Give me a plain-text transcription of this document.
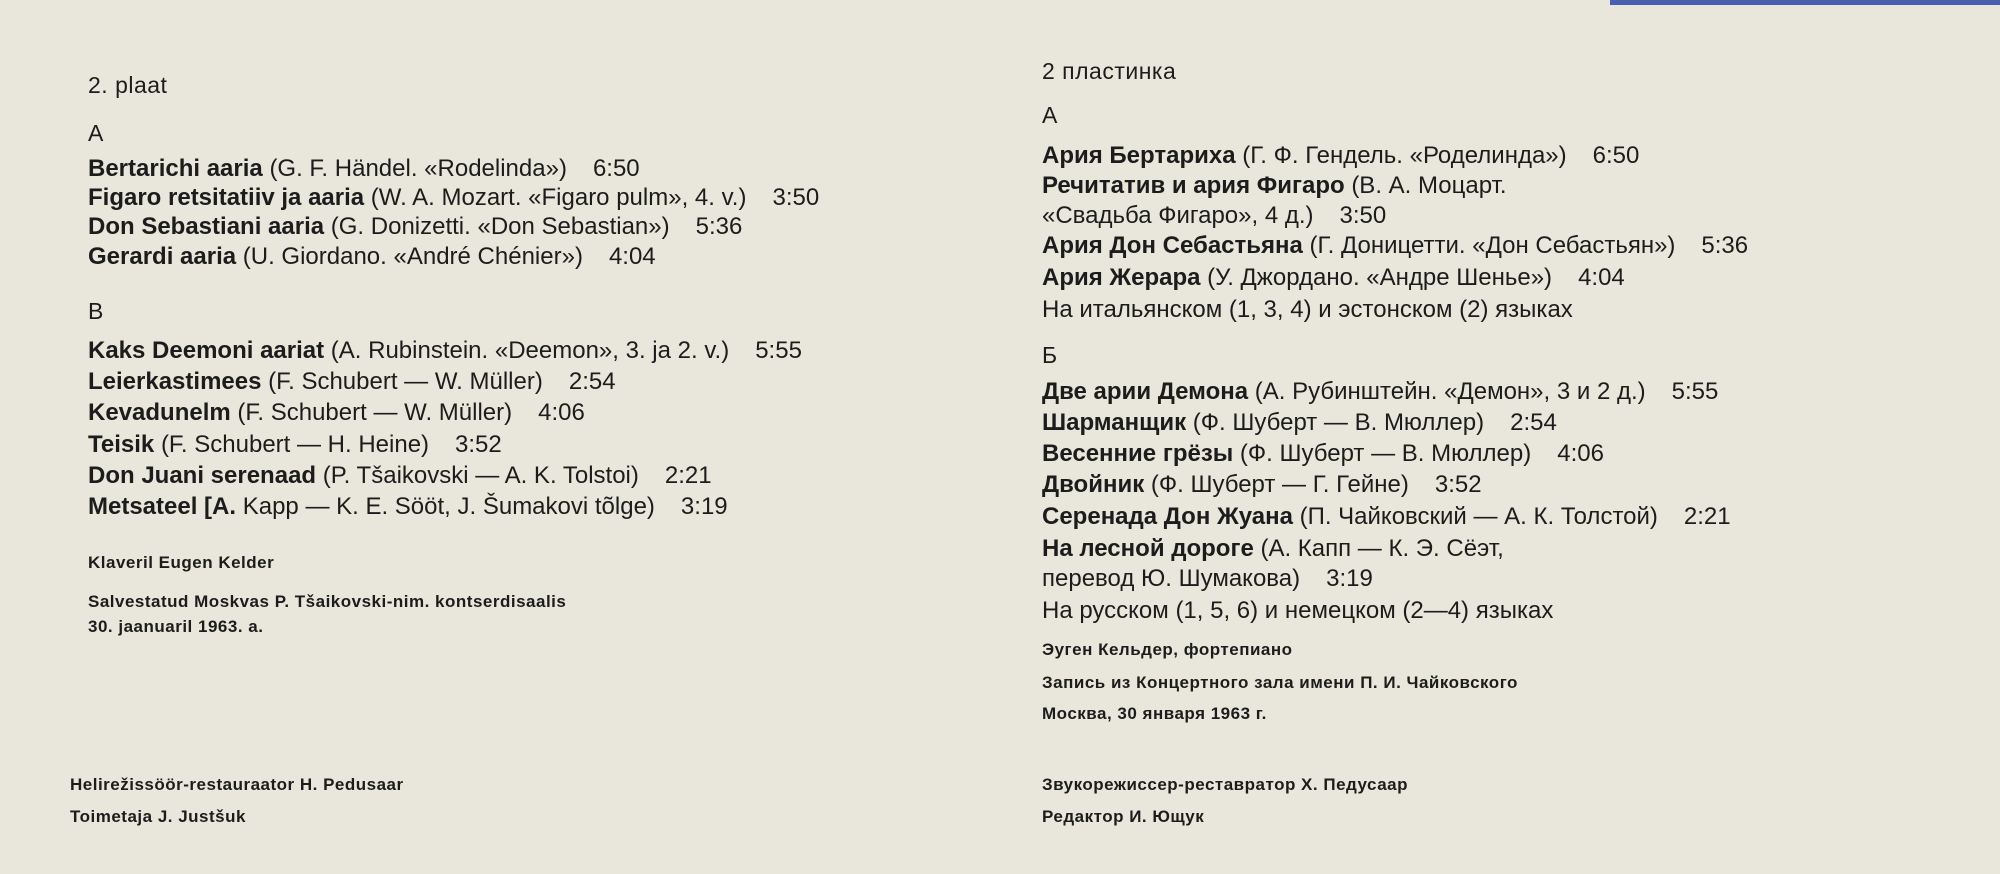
2. plaat
A
Bertarichi aaria (G. F. Händel. «Rodelinda») 6:50
Figaro retsitatiiv ja aaria (W. A. Mozart. «Figaro pulm», 4. v.) 3:50
Don Sebastiani aaria (G. Donizetti. «Don Sebastian») 5:36
Gerardi aaria (U. Giordano. «André Chénier») 4:04
B
Kaks Deemoni aariat (A. Rubinstein. «Deemon», 3. ja 2. v.) 5:55
Leierkastimees (F. Schubert — W. Müller) 2:54
Kevadunelm (F. Schubert — W. Müller) 4:06
Teisik (F. Schubert — H. Heine) 3:52
Don Juani serenaad (P. Tšaikovski — A. K. Tolstoi) 2:21
Metsateel [A. Kapp — K. E. Sööt, J. Šumakovi tõlge) 3:19
Klaveril Eugen Kelder
Salvestatud Moskvas P. Tšaikovski-nim. kontserdisaalis
30. jaanuaril 1963. a.
Helirežissöör-restauraator H. Pedusaar
Toimetaja J. Justšuk
2 пластинка
А
Ария Бертариха (Г. Ф. Гендель. «Роделинда») 6:50
Речитатив и ария Фигаро (В. А. Моцарт.
«Свадьба Фигаро», 4 д.) 3:50
Ария Дон Себастьяна (Г. Доницетти. «Дон Себастьян») 5:36
Ария Жерара (У. Джордано. «Андре Шенье») 4:04
На итальянском (1, 3, 4) и эстонском (2) языках
Б
Две арии Демона (А. Рубинштейн. «Демон», 3 и 2 д.) 5:55
Шарманщик (Ф. Шуберт — В. Мюллер) 2:54
Весенние грёзы (Ф. Шуберт — В. Мюллер) 4:06
Двойник (Ф. Шуберт — Г. Гейне) 3:52
Серенада Дон Жуана (П. Чайковский — А. К. Толстой) 2:21
На лесной дороге (А. Капп — К. Э. Сёэт,
перевод Ю. Шумакова) 3:19
На русском (1, 5, 6) и немецком (2—4) языках
Эуген Кельдер, фортепиано
Запись из Концертного зала имени П. И. Чайковского
Москва, 30 января 1963 г.
Звукорежиссер-реставратор Х. Педусаар
Редактор И. Ющук
